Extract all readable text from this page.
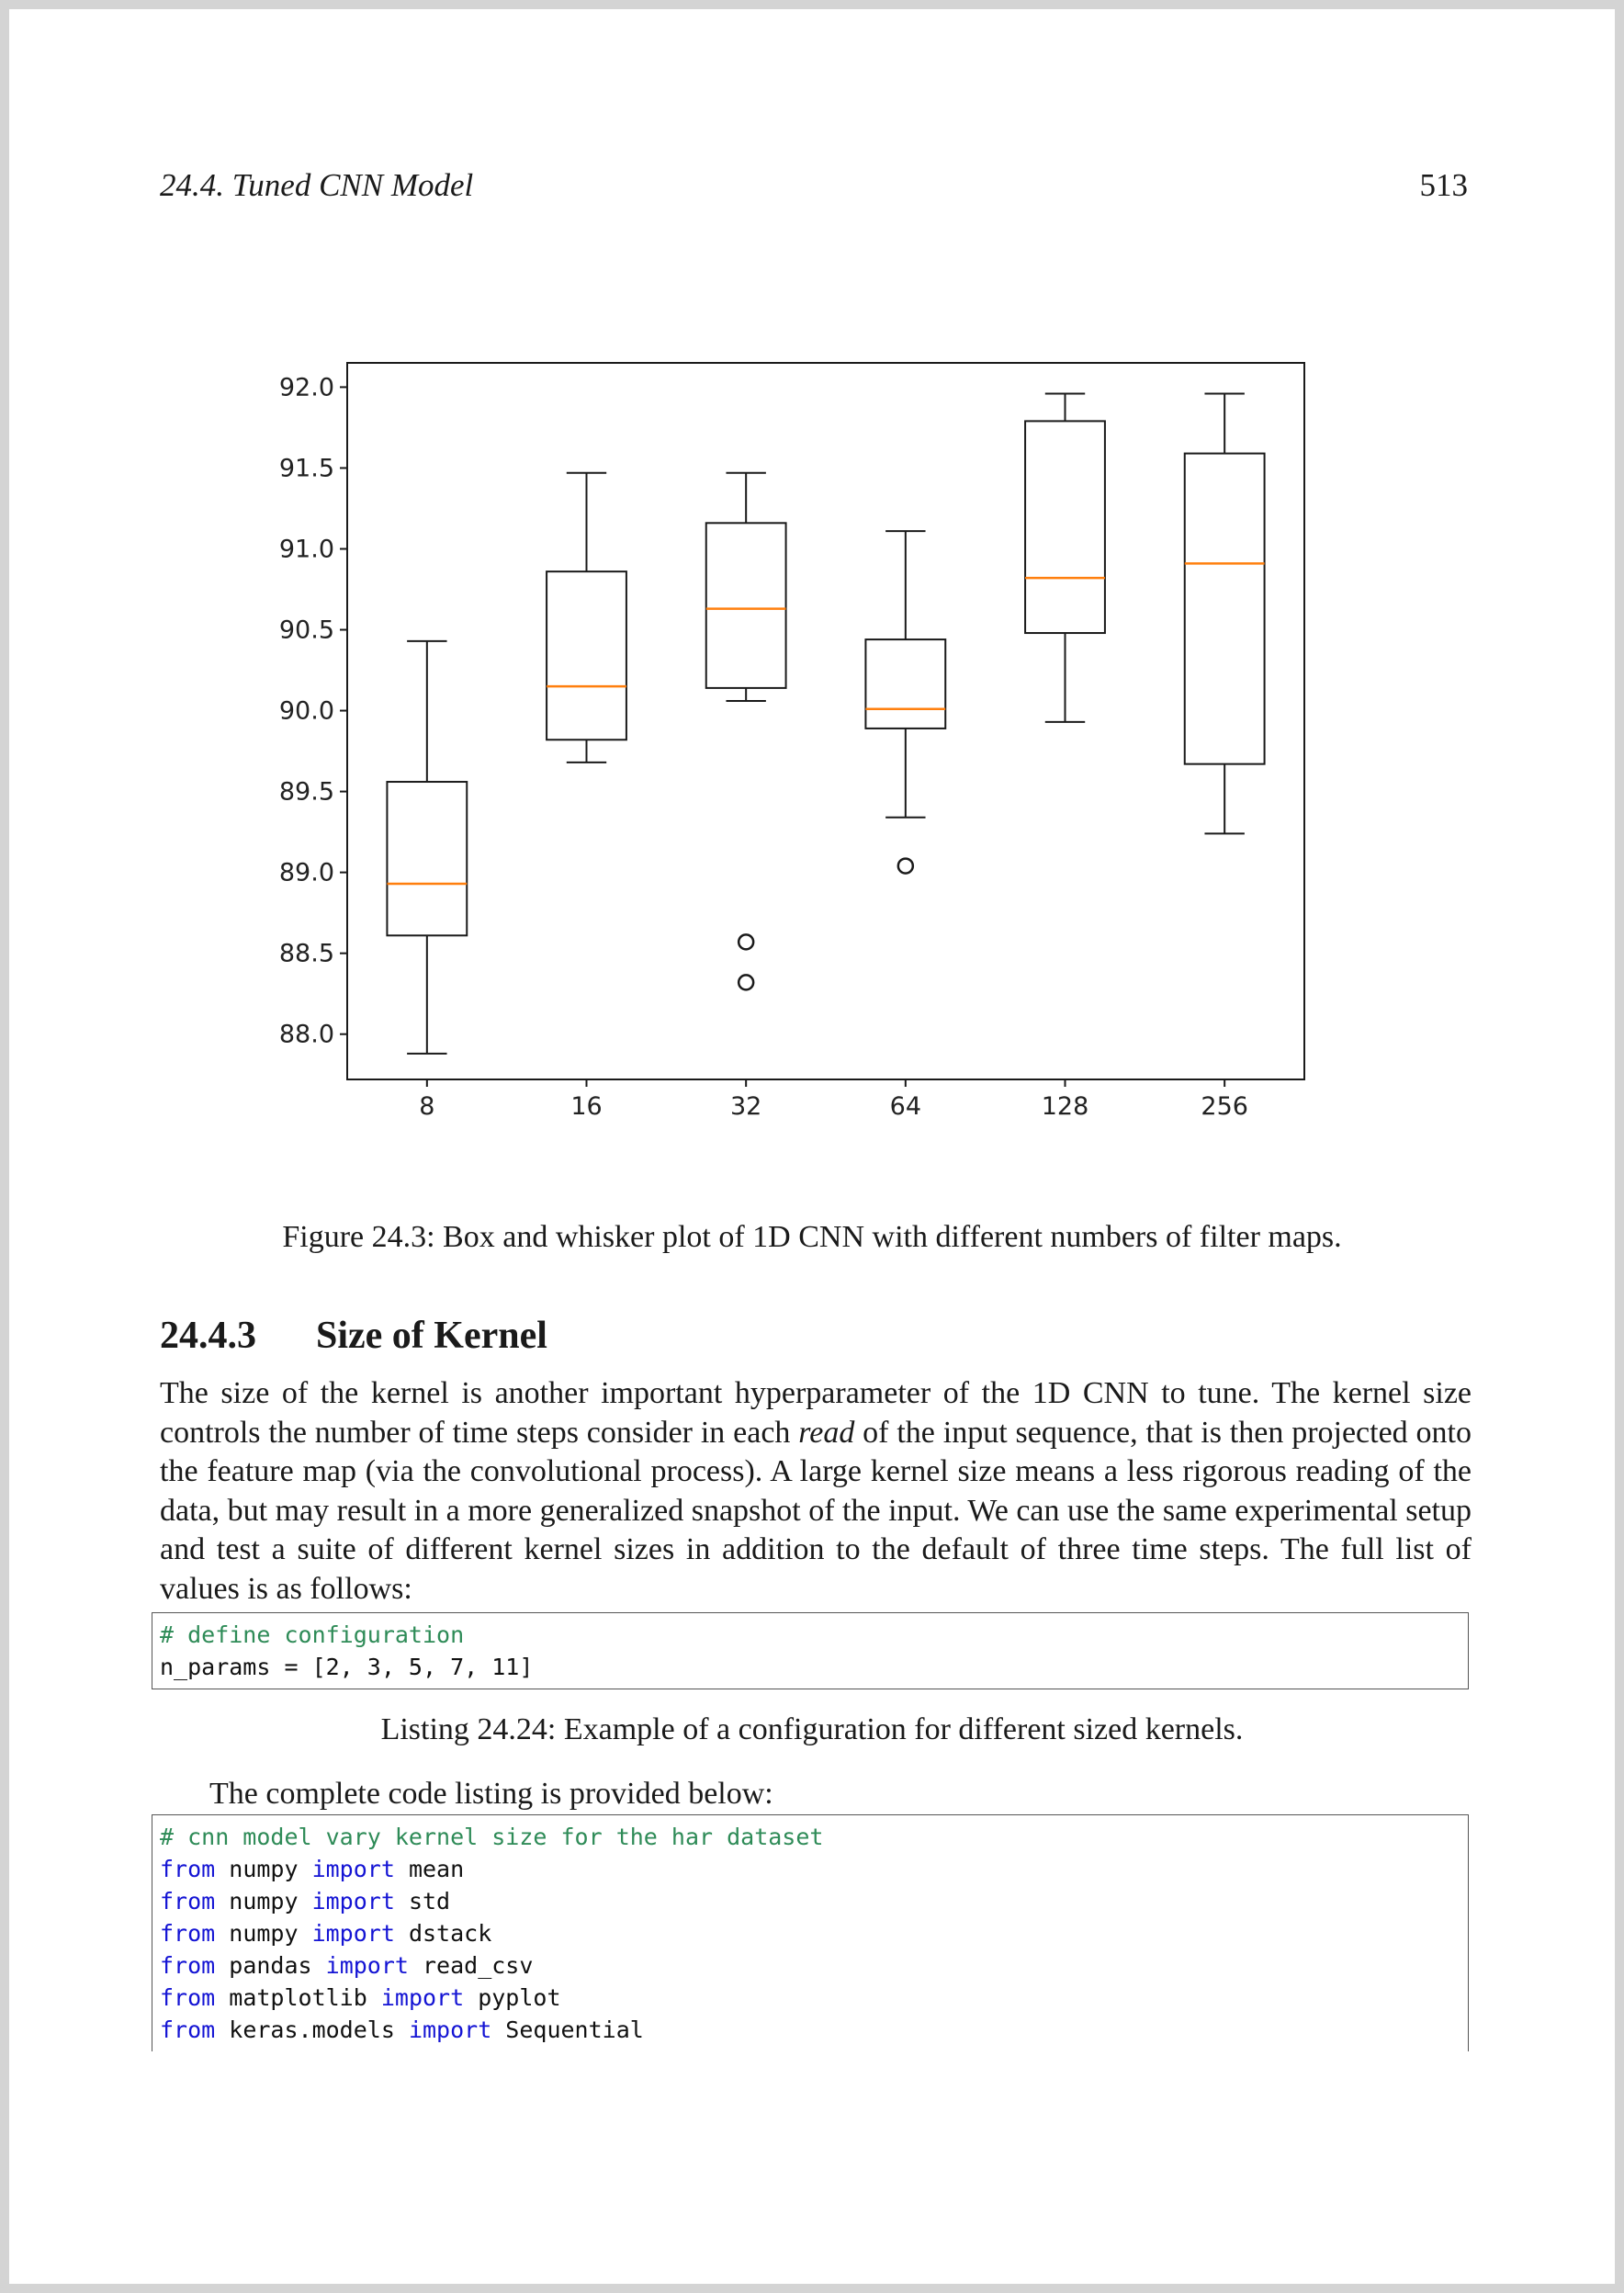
24.4. Tuned CNN Model	513
88.0
88.5
89.0
89.5
90.0
90.5
91.0
91.5
92.0
8	16	32	64	128	256
Figure 24.3: Box and whisker plot of 1D CNN with different numbers of filter maps.
24.4.3 Size of Kernel
The size of the kernel is another important hyperparameter of the 1D CNN to tune. The kernel size controls the number of time steps consider in each read of the input sequence, that is then projected onto the feature map (via the convolutional process). A large kernel size means a less rigorous reading of the data, but may result in a more generalized snapshot of the input. We can use the same experimental setup and test a suite of different kernel sizes in addition to the default of three time steps. The full list of values is as follows:
# define configuration
n_params = [2, 3, 5, 7, 11]
Listing 24.24: Example of a configuration for different sized kernels.
The complete code listing is provided below:
# cnn model vary kernel size for the har dataset
from numpy import mean
from numpy import std
from numpy import dstack
from pandas import read_csv
from matplotlib import pyplot
from keras.models import Sequential
